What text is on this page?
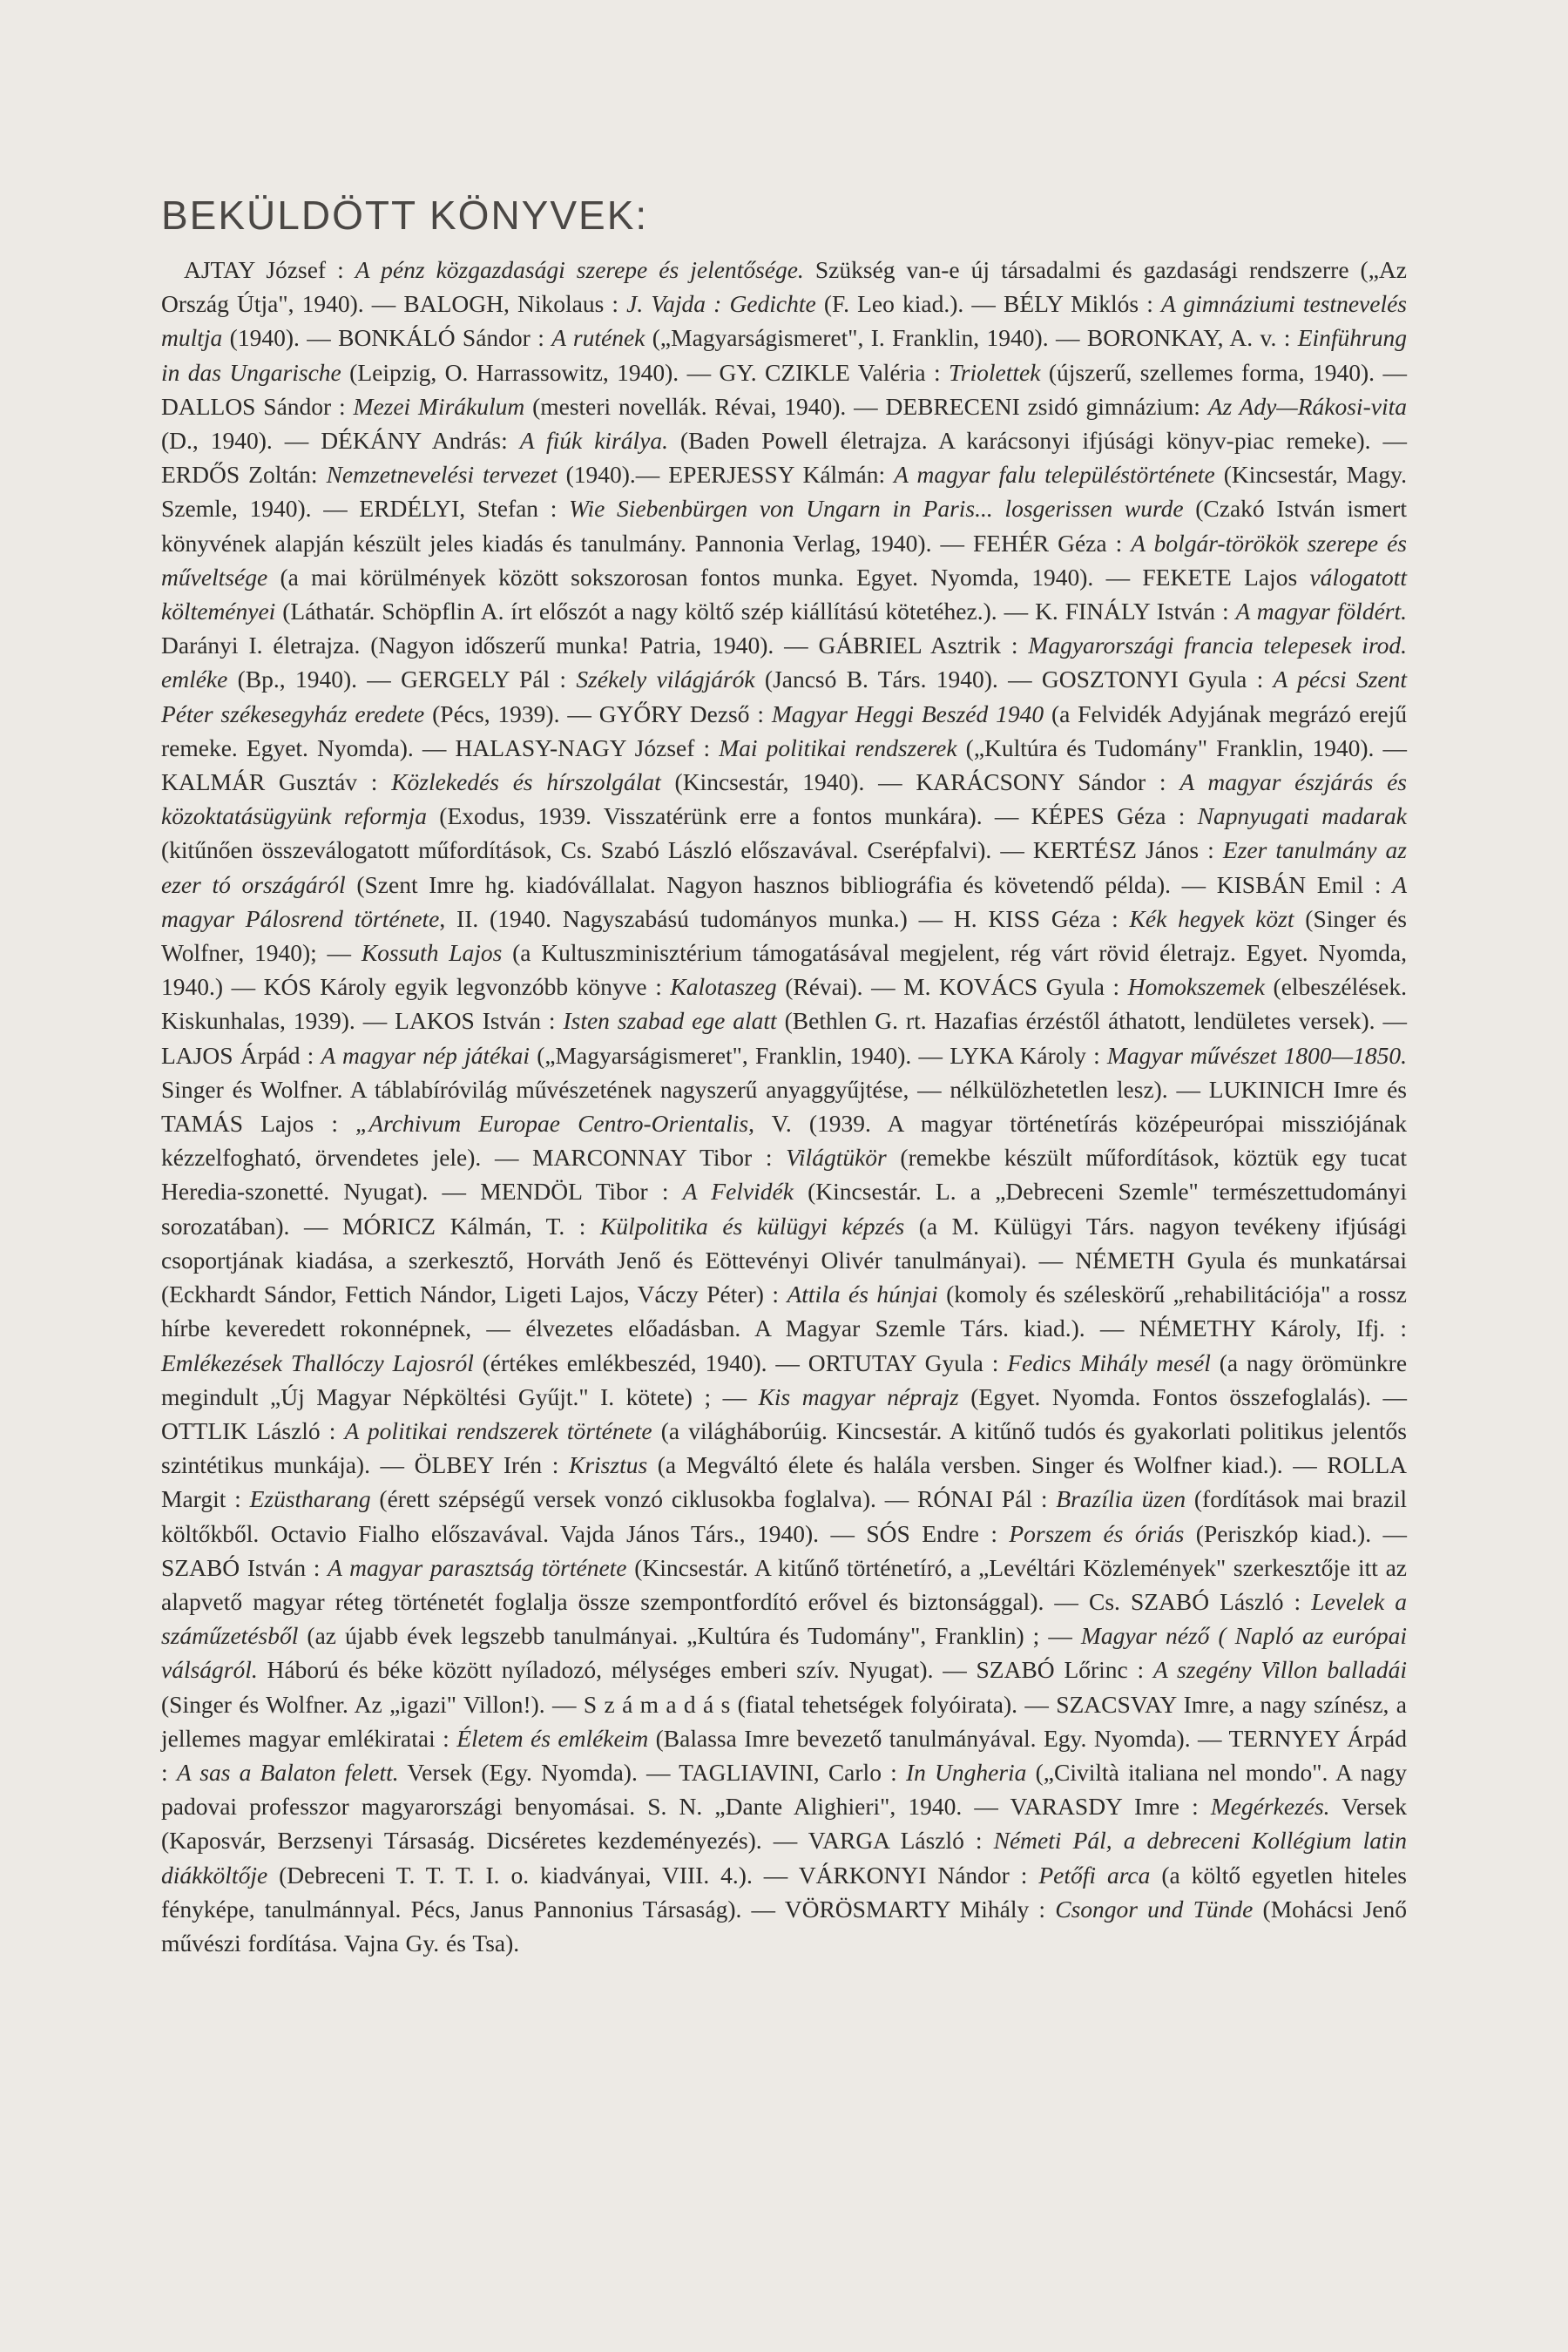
BEKÜLDÖTT KÖNYVEK:

AJTAY József : A pénz közgazdasági szerepe és jelentősége. Szükség van-e új társadalmi és gazdasági rendszerre („Az Ország Útja", 1940). — BALOGH, Nikolaus : J. Vajda : Gedichte (F. Leo kiad.). — BÉLY Miklós : A gimnáziumi testnevelés multja (1940). — BONKÁLÓ Sándor : A rutének („Magyarságismeret", I. Franklin, 1940). — BORONKAY, A. v. : Einführung in das Ungarische (Leipzig, O. Harrassowitz, 1940). — GY. CZIKLE Valéria : Triolettek (újszerű, szellemes forma, 1940). — DALLOS Sándor : Mezei Mirákulum (mesteri novellák. Révai, 1940). — DEBRECENI zsidó gimnázium: Az Ady—Rákosi-vita (D., 1940). — DÉKÁNY András: A fiúk királya. (Baden Powell életrajza. A karácsonyi ifjúsági könyv-piac remeke). — ERDŐS Zoltán: Nemzetnevelési tervezet (1940).— EPERJESSY Kálmán: A magyar falu településtörténete (Kincsestár, Magy. Szemle, 1940). — ERDÉLYI, Stefan : Wie Siebenbürgen von Ungarn in Paris... losgerissen wurde (Czakó István ismert könyvének alapján készült jeles kiadás és tanulmány. Pannonia Verlag, 1940). — FEHÉR Géza : A bolgár-törökök szerepe és műveltsége (a mai körülmények között sokszorosan fontos munka. Egyet. Nyomda, 1940). — FEKETE Lajos válogatott költeményei (Láthatár. Schöpflin A. írt előszót a nagy költő szép kiállítású kötetéhez.). — K. FINÁLY István : A magyar földért. Darányi I. életrajza. (Nagyon időszerű munka! Patria, 1940). — GÁBRIEL Asztrik : Magyarországi francia telepesek irod. emléke (Bp., 1940). — GERGELY Pál : Székely világjárók (Jancsó B. Társ. 1940). — GOSZTONYI Gyula : A pécsi Szent Péter székesegyház eredete (Pécs, 1939). — GYŐRY Dezső : Magyar Heggi Beszéd 1940 (a Felvidék Adyjának megrázó erejű remeke. Egyet. Nyomda). — HALASY-NAGY József : Mai politikai rendszerek („Kultúra és Tudomány" Franklin, 1940). — KALMÁR Gusztáv : Közlekedés és hírszolgálat (Kincsestár, 1940). — KARÁCSONY Sándor : A magyar észjárás és közoktatásügyünk reformja (Exodus, 1939. Visszatérünk erre a fontos munkára). — KÉPES Géza : Napnyugati madarak (kitűnően összeválogatott műfordítások, Cs. Szabó László előszavával. Cserépfalvi). — KERTÉSZ János : Ezer tanulmány az ezer tó országáról (Szent Imre hg. kiadóvállalat. Nagyon hasznos bibliográfia és követendő példa). — KISBÁN Emil : A magyar Pálosrend története, II. (1940. Nagyszabású tudományos munka.) — H. KISS Géza : Kék hegyek közt (Singer és Wolfner, 1940); — Kossuth Lajos (a Kultuszminisztérium támogatásával megjelent, rég várt rövid életrajz. Egyet. Nyomda, 1940.) — KÓS Károly egyik legvonzóbb könyve : Kalotaszeg (Révai). — M. KOVÁCS Gyula : Homokszemek (elbeszélések. Kiskunhalas, 1939). — LAKOS István : Isten szabad ege alatt (Bethlen G. rt. Hazafias érzéstől áthatott, lendületes versek). — LAJOS Árpád : A magyar nép játékai („Magyarságismeret", Franklin, 1940). — LYKA Károly : Magyar művészet 1800—1850. Singer és Wolfner. A táblabíróvilág művészetének nagyszerű anyaggyűjtése, — nélkülözhetetlen lesz). — LUKINICH Imre és TAMÁS Lajos : „Archivum Europae Centro-Orientalis, V. (1939. A magyar történetírás középeurópai missziójának kézzelfogható, örvendetes jele). — MARCONNAY Tibor : Világtükör (remekbe készült műfordítások, köztük egy tucat Heredia-szonetté. Nyugat). — MENDÖL Tibor : A Felvidék (Kincsestár. L. a „Debreceni Szemle" természettudományi sorozatában). — MÓRICZ Kálmán, T. : Külpolitika és külügyi képzés (a M. Külügyi Társ. nagyon tevékeny ifjúsági csoportjának kiadása, a szerkesztő, Horváth Jenő és Eöttevényi Olivér tanulmányai). — NÉMETH Gyula és munkatársai (Eckhardt Sándor, Fettich Nándor, Ligeti Lajos, Váczy Péter) : Attila és húnjai (komoly és széleskörű „rehabilitációja" a rossz hírbe keveredett rokonnépnek, — élvezetes előadásban. A Magyar Szemle Társ. kiad.). — NÉMETHY Károly, Ifj. : Emlékezések Thallóczy Lajosról (értékes emlékbeszéd, 1940). — ORTUTAY Gyula : Fedics Mihály mesél (a nagy örömünkre megindult „Új Magyar Népköltési Gyűjt." I. kötete) ; — Kis magyar néprajz (Egyet. Nyomda. Fontos összefoglalás). — OTTLIK László : A politikai rendszerek története (a világháborúig. Kincsestár. A kitűnő tudós és gyakorlati politikus jelentős szintétikus munkája). — ÖLBEY Irén : Krisztus (a Megváltó élete és halála versben. Singer és Wolfner kiad.). — ROLLA Margit : Ezüstharang (érett szépségű versek vonzó ciklusokba foglalva). — RÓNAI Pál : Brazília üzen (fordítások mai brazil költőkből. Octavio Fialho előszavával. Vajda János Társ., 1940). — SÓS Endre : Porszem és óriás (Periszkóp kiad.). — SZABÓ István : A magyar parasztság története (Kincsestár. A kitűnő történetíró, a „Levéltári Közlemények" szerkesztője itt az alapvető magyar réteg történetét foglalja össze szempontfordító erővel és biztonsággal). — Cs. SZABÓ László : Levelek a száműzetésből (az újabb évek legszebb tanulmányai. „Kultúra és Tudomány", Franklin) ; — Magyar néző ( Napló az európai válságról. Háború és béke között nyíladozó, mélységes emberi szív. Nyugat). — SZABÓ Lőrinc : A szegény Villon balladái (Singer és Wolfner. Az „igazi" Villon!). — S z á m a d á s (fiatal tehetségek folyóirata). — SZACSVAY Imre, a nagy színész, a jellemes magyar emlékiratai : Életem és emlékeim (Balassa Imre bevezető tanulmányával. Egy. Nyomda). — TERNYEY Árpád : A sas a Balaton felett. Versek (Egy. Nyomda). — TAGLIAVINI, Carlo : In Ungheria („Civiltà italiana nel mondo". A nagy padovai professzor magyarországi benyomásai. S. N. „Dante Alighieri", 1940. — VARASDY Imre : Megérkezés. Versek (Kaposvár, Berzsenyi Társaság. Dicséretes kezdeményezés). — VARGA László : Németi Pál, a debreceni Kollégium latin diákköltője (Debreceni T. T. T. I. o. kiadványai, VIII. 4.). — VÁRKONYI Nándor : Petőfi arca (a költő egyetlen hiteles fényképe, tanulmánnyal. Pécs, Janus Pannonius Társaság). — VÖRÖSMARTY Mihály : Csongor und Tünde (Mohácsi Jenő művészi fordítása. Vajna Gy. és Tsa).
